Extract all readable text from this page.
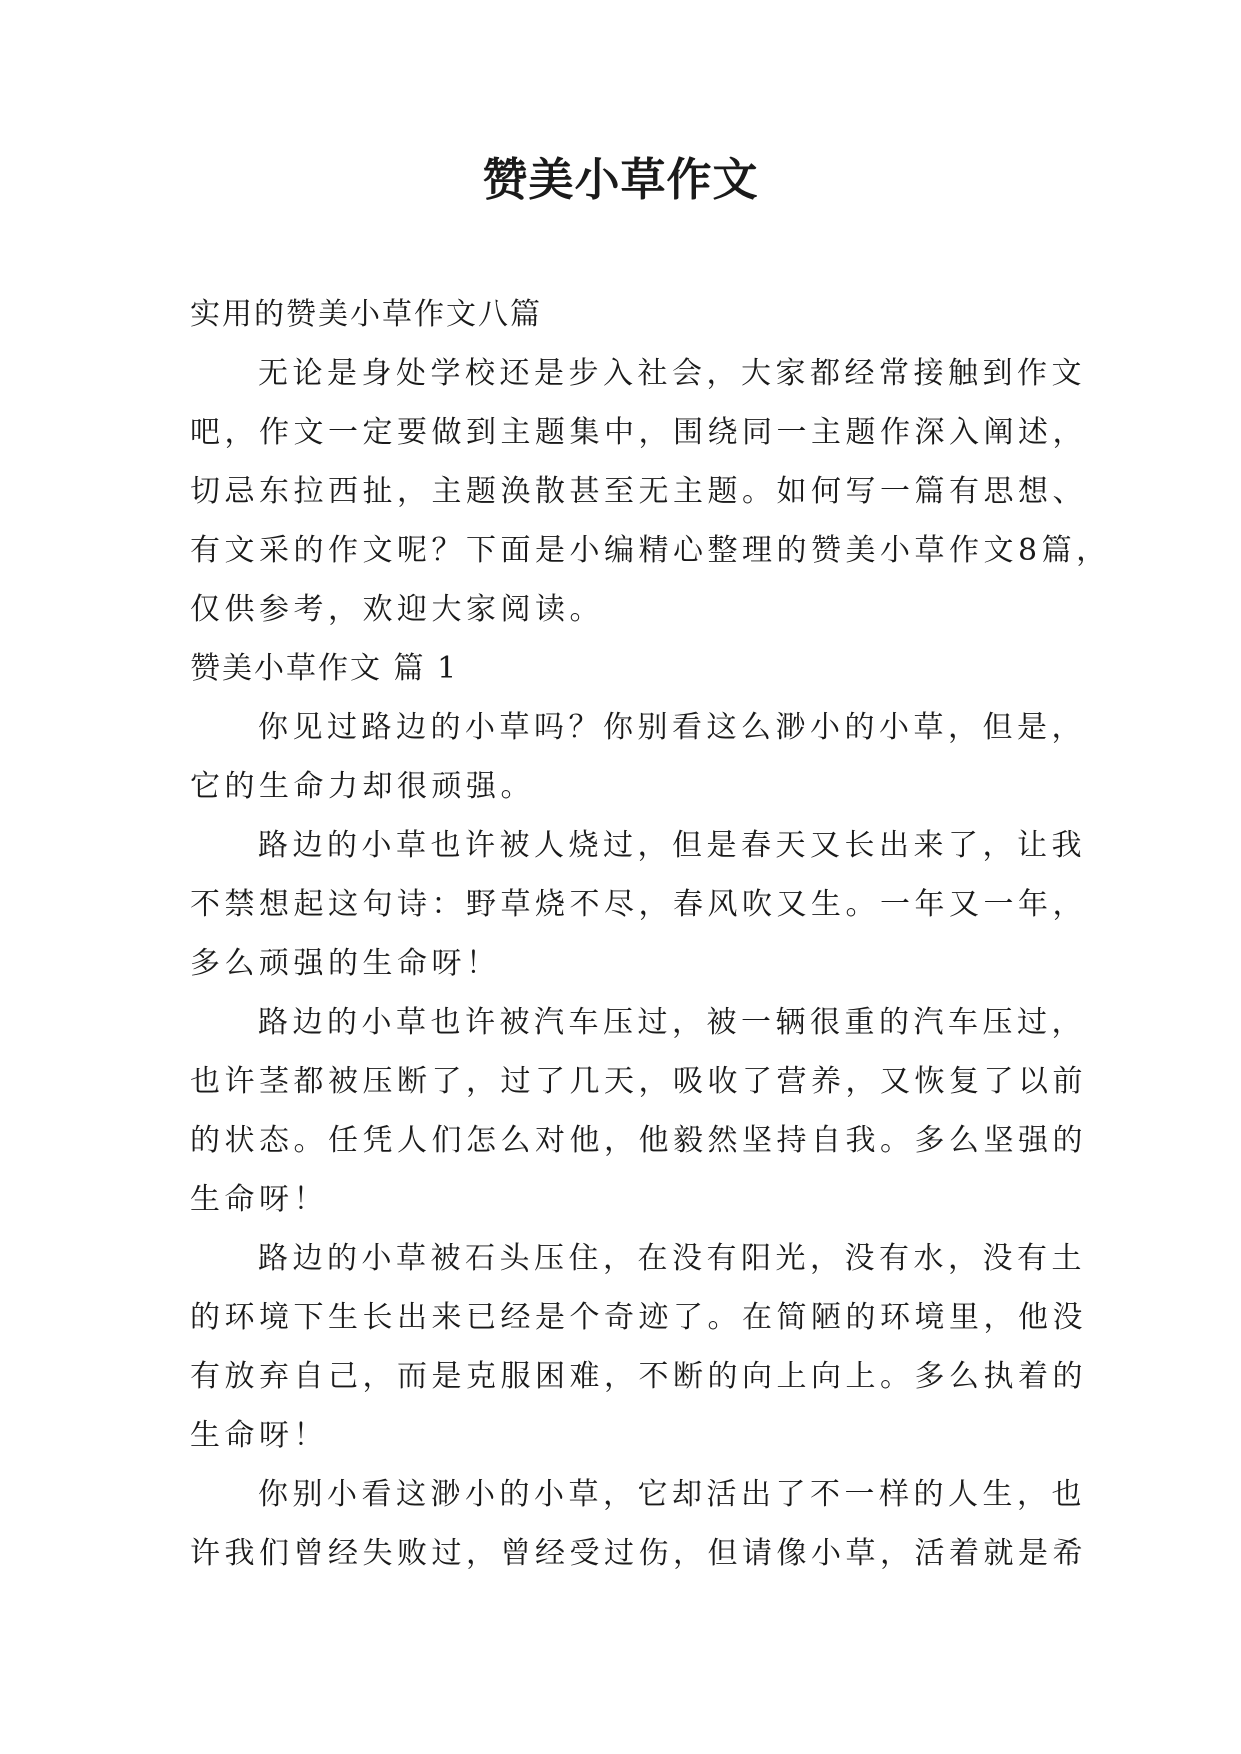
赞美小草作文

实用的赞美小草作文八篇

无论是身处学校还是步入社会，大家都经常接触到作文

吧，作文一定要做到主题集中，围绕同一主题作深入阐述，

切忌东拉西扯，主题涣散甚至无主题。如何写一篇有思想、

有文采的作文呢？下面是小编精心整理的赞美小草作文8篇，

仅供参考，欢迎大家阅读。

赞美小草作文 篇 1

你见过路边的小草吗？你别看这么渺小的小草，但是，

它的生命力却很顽强。

路边的小草也许被人烧过，但是春天又长出来了，让我

不禁想起这句诗：野草烧不尽，春风吹又生。一年又一年，

多么顽强的生命呀！

路边的小草也许被汽车压过，被一辆很重的汽车压过，

也许茎都被压断了，过了几天，吸收了营养，又恢复了以前

的状态。任凭人们怎么对他，他毅然坚持自我。多么坚强的

生命呀！

路边的小草被石头压住，在没有阳光，没有水，没有土

的环境下生长出来已经是个奇迹了。在简陋的环境里，他没

有放弃自己，而是克服困难，不断的向上向上。多么执着的

生命呀！

你别小看这渺小的小草，它却活出了不一样的人生，也

许我们曾经失败过，曾经受过伤，但请像小草，活着就是希
